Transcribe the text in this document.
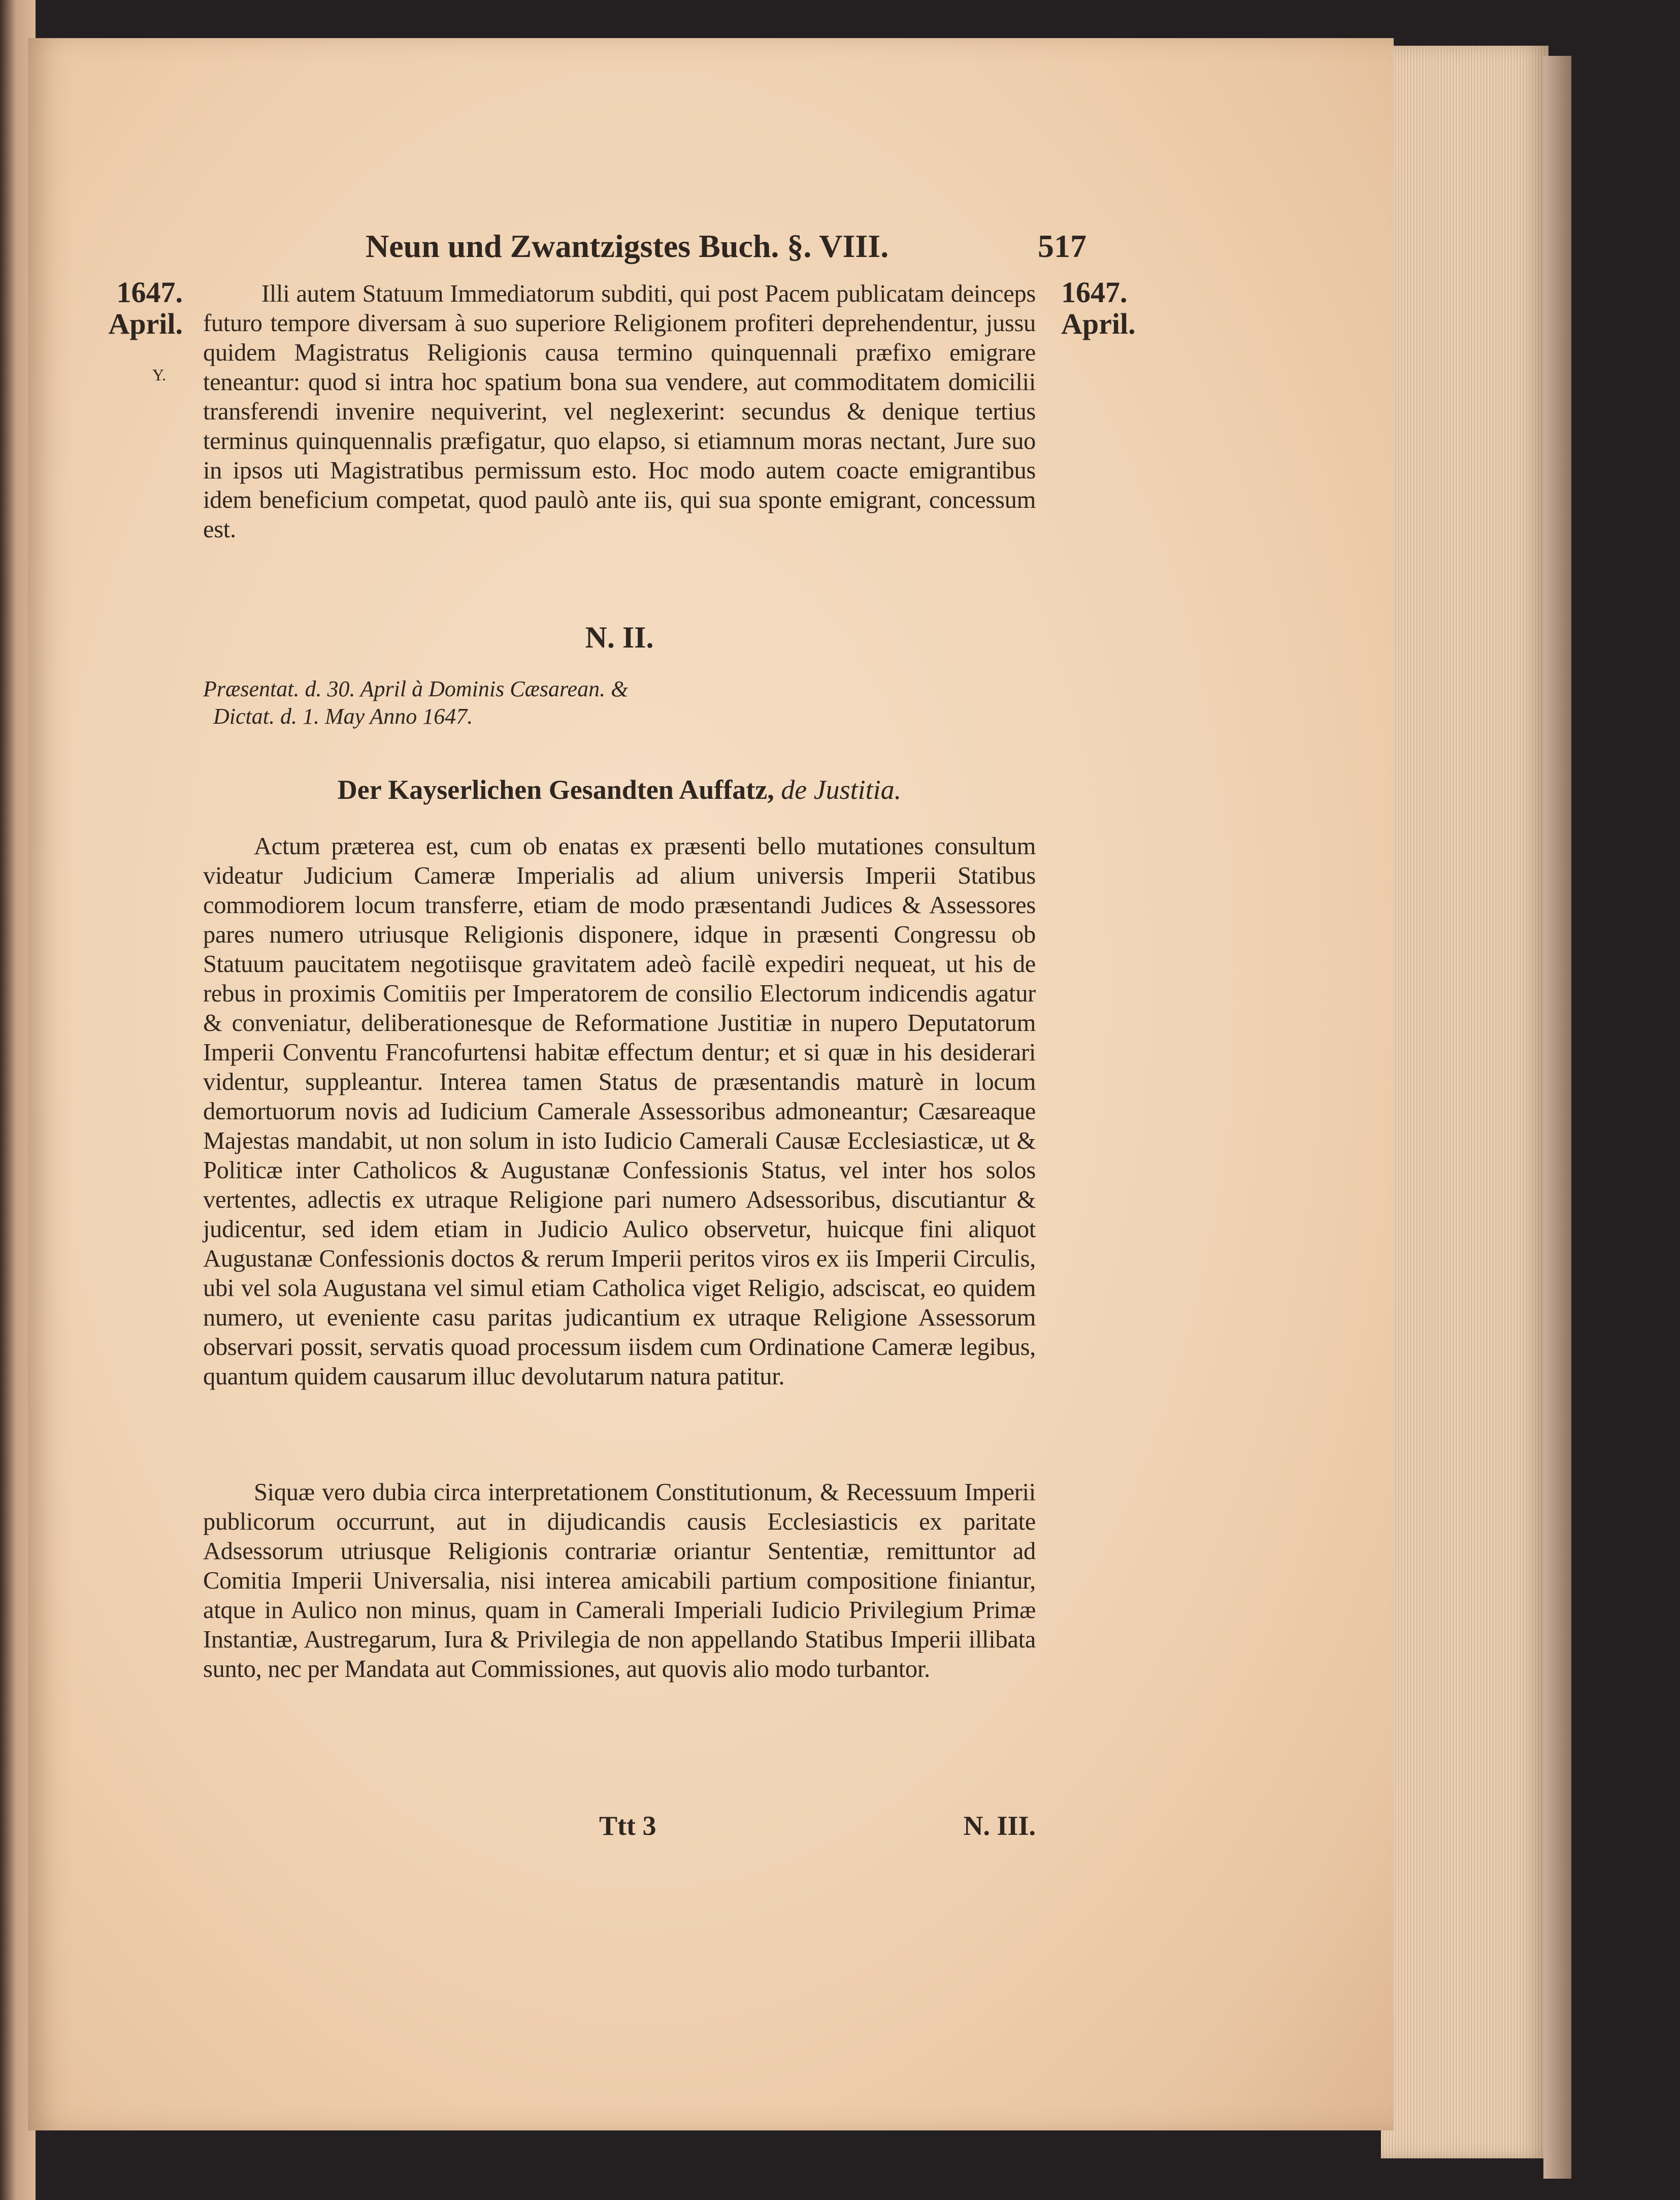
Neun und Zwantzigstes Buch. §. VIII.	517
1647.
April.
Y.
1647.
April.
Illi autem Statuum Immediatorum subditi, qui post Pacem publicatam deinceps futuro tempore diversam à suo superiore Religionem profiteri deprehendentur, jussu quidem Magistratus Religionis causa termino quinquennali præfixo emigrare teneantur: quod si intra hoc spatium bona sua vendere, aut commoditatem domicilii transferendi invenire nequiverint, vel neglexerint: secundus & denique tertius terminus quinquennalis præfigatur, quo elapso, si etiamnum moras nectant, Jure suo in ipsos uti Magistratibus permissum esto. Hoc modo autem coacte emigrantibus idem beneficium competat, quod paulò ante iis, qui sua sponte emigrant, concessum est.
N. II.
Præsentat. d. 30. April à Dominis Cæsarean. &
Dictat. d. 1. May Anno 1647.
Der Kayserlichen Gesandten Auffatz, de Justitia.
Actum præterea est, cum ob enatas ex præsenti bello mutationes consultum videatur Judicium Cameræ Imperialis ad alium universis Imperii Statibus commodiorem locum transferre, etiam de modo præsentandi Judices & Assessores pares numero utriusque Religionis disponere, idque in præsenti Congressu ob Statuum paucitatem negotiisque gravitatem adeò facilè expediri nequeat, ut his de rebus in proximis Comitiis per Imperatorem de consilio Electorum indicendis agatur & conveniatur, deliberationesque de Reformatione Justitiæ in nupero Deputatorum Imperii Conventu Francofurtensi habitæ effectum dentur; et si quæ in his desiderari videntur, suppleantur. Interea tamen Status de præsentandis maturè in locum demortuorum novis ad Iudicium Camerale Assessoribus admoneantur; Cæsareaque Majestas mandabit, ut non solum in isto Iudicio Camerali Causæ Ecclesiasticæ, ut & Politicæ inter Catholicos & Augustanæ Confessionis Status, vel inter hos solos vertentes, adlectis ex utraque Religione pari numero Adsessoribus, discutiantur & judicentur, sed idem etiam in Judicio Aulico observetur, huicque fini aliquot Augustanæ Confessionis doctos & rerum Imperii peritos viros ex iis Imperii Circulis, ubi vel sola Augustana vel simul etiam Catholica viget Religio, adsciscat, eo quidem numero, ut eveniente casu paritas judicantium ex utraque Religione Assessorum observari possit, servatis quoad processum iisdem cum Ordinatione Cameræ legibus, quantum quidem causarum illuc devolutarum natura patitur.
Siquæ vero dubia circa interpretationem Constitutionum, & Recessuum Imperii publicorum occurrunt, aut in dijudicandis causis Ecclesiasticis ex paritate Adsessorum utriusque Religionis contrariæ oriantur Sententiæ, remittuntor ad Comitia Imperii Universalia, nisi interea amicabili partium compositione finiantur, atque in Aulico non minus, quam in Camerali Imperiali Iudicio Privilegium Primæ Instantiæ, Austregarum, Iura & Privilegia de non appellando Statibus Imperii illibata sunto, nec per Mandata aut Commissiones, aut quovis alio modo turbantor.
Ttt 3	N. III.
